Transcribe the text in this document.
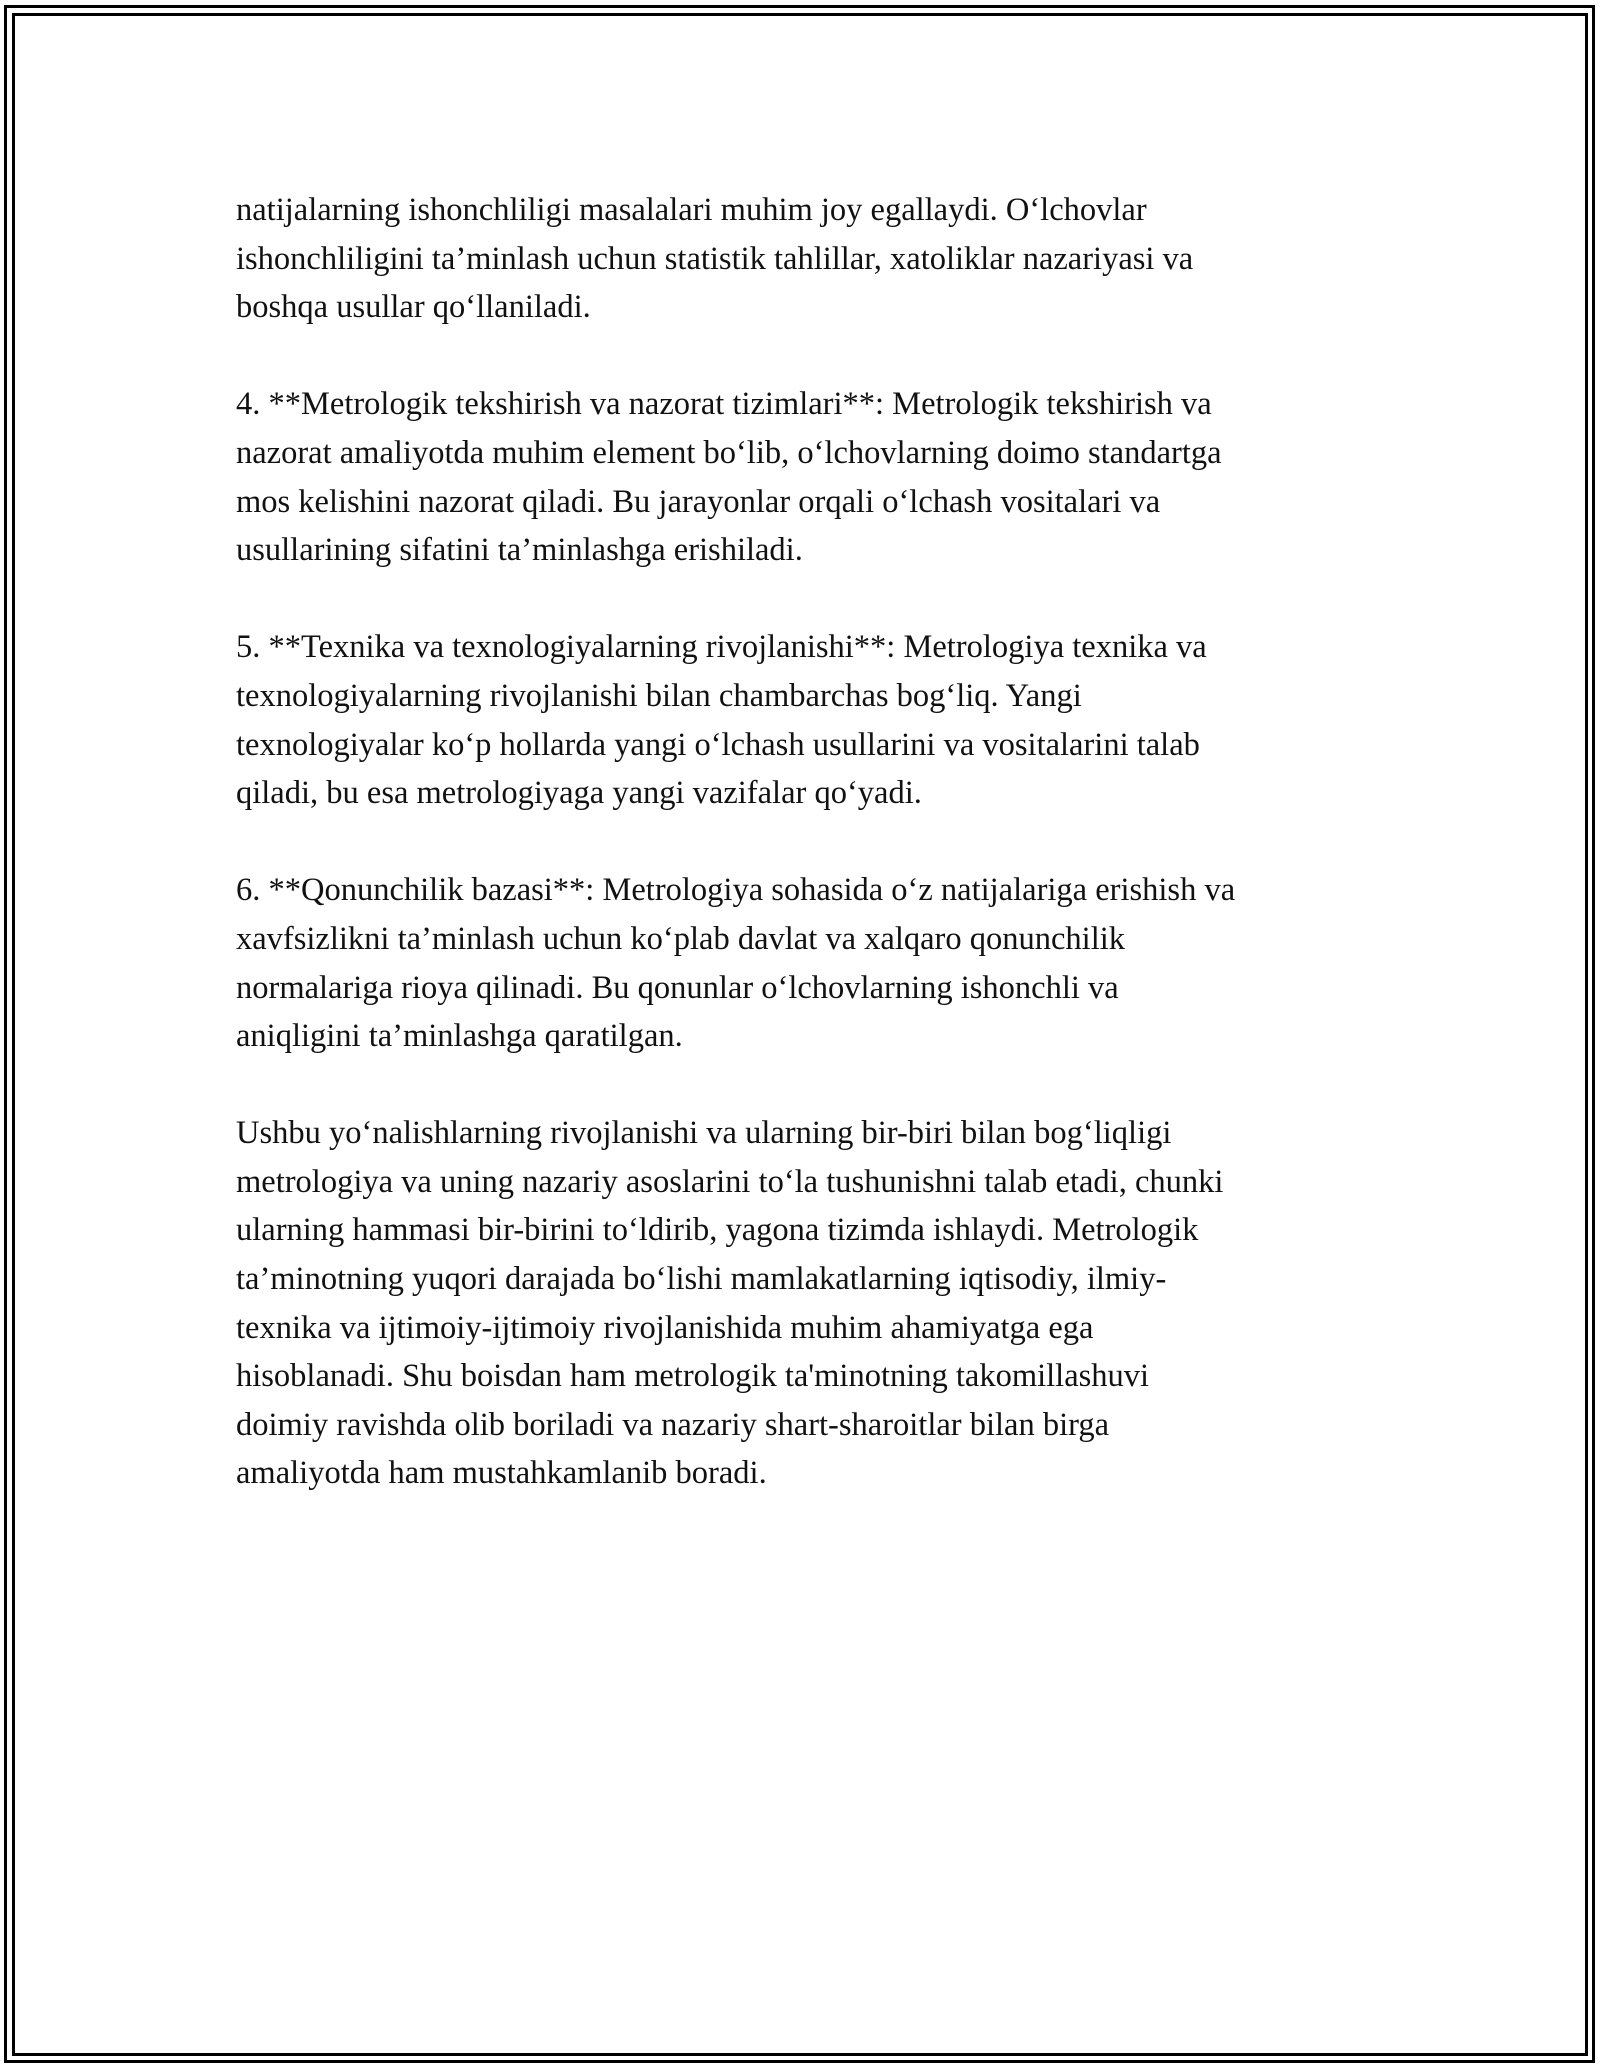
natijalarning ishonchliligi masalalari muhim joy egallaydi. O‘lchovlar
ishonchliligini ta’minlash uchun statistik tahlillar, xatoliklar nazariyasi va
boshqa usullar qo‘llaniladi.

4. **Metrologik tekshirish va nazorat tizimlari**: Metrologik tekshirish va
nazorat amaliyotda muhim element bo‘lib, o‘lchovlarning doimo standartga
mos kelishini nazorat qiladi. Bu jarayonlar orqali o‘lchash vositalari va
usullarining sifatini ta’minlashga erishiladi.

5. **Texnika va texnologiyalarning rivojlanishi**: Metrologiya texnika va
texnologiyalarning rivojlanishi bilan chambarchas bog‘liq. Yangi
texnologiyalar ko‘p hollarda yangi o‘lchash usullarini va vositalarini talab
qiladi, bu esa metrologiyaga yangi vazifalar qo‘yadi.

6. **Qonunchilik bazasi**: Metrologiya sohasida o‘z natijalariga erishish va
xavfsizlikni ta’minlash uchun ko‘plab davlat va xalqaro qonunchilik
normalariga rioya qilinadi. Bu qonunlar o‘lchovlarning ishonchli va
aniqligini ta’minlashga qaratilgan.

Ushbu yo‘nalishlarning rivojlanishi va ularning bir-biri bilan bog‘liqligi
metrologiya va uning nazariy asoslarini to‘la tushunishni talab etadi, chunki
ularning hammasi bir-birini to‘ldirib, yagona tizimda ishlaydi. Metrologik
ta’minotning yuqori darajada bo‘lishi mamlakatlarning iqtisodiy, ilmiy-
texnika va ijtimoiy-ijtimoiy rivojlanishida muhim ahamiyatga ega
hisoblanadi. Shu boisdan ham metrologik ta'minotning takomillashuvi
doimiy ravishda olib boriladi va nazariy shart-sharoitlar bilan birga
amaliyotda ham mustahkamlanib boradi.
